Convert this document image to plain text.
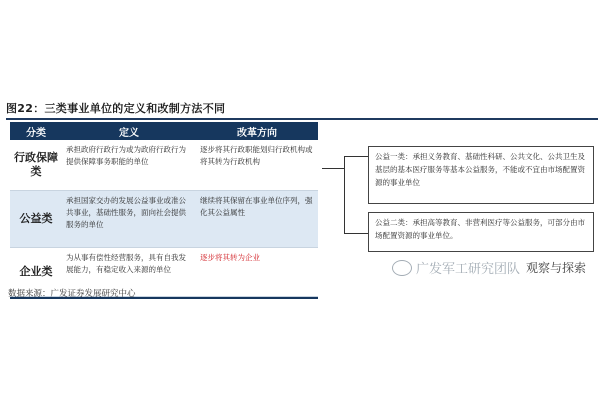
图22：三类事业单位的定义和改制方法不同
分类	定义	改革方向
行政保障类
承担政府行政行为或为政府行政行为提供保障事务职能的单位
逐步将其行政职能划归行政机构或将其转为行政机构
公益类
承担国家交办的发展公益事业或准公共事业，基础性服务，面向社会提供服务的单位
继续将其保留在事业单位序列，强化其公益属性
企业类
为从事有偿性经营服务，具有自我发展能力，有稳定收入来源的单位
逐步将其转为企业
公益一类：承担义务教育、基础性科研、公共文化、公共卫生及基层的基本医疗服务等基本公益服务，不能或不宜由市场配置资源的事业单位
公益二类：承担高等教育、非营利医疗等公益服务，可部分由市场配置资源的事业单位。
广发军工研究团队 观察与探索
数据来源：广发证券发展研究中心
